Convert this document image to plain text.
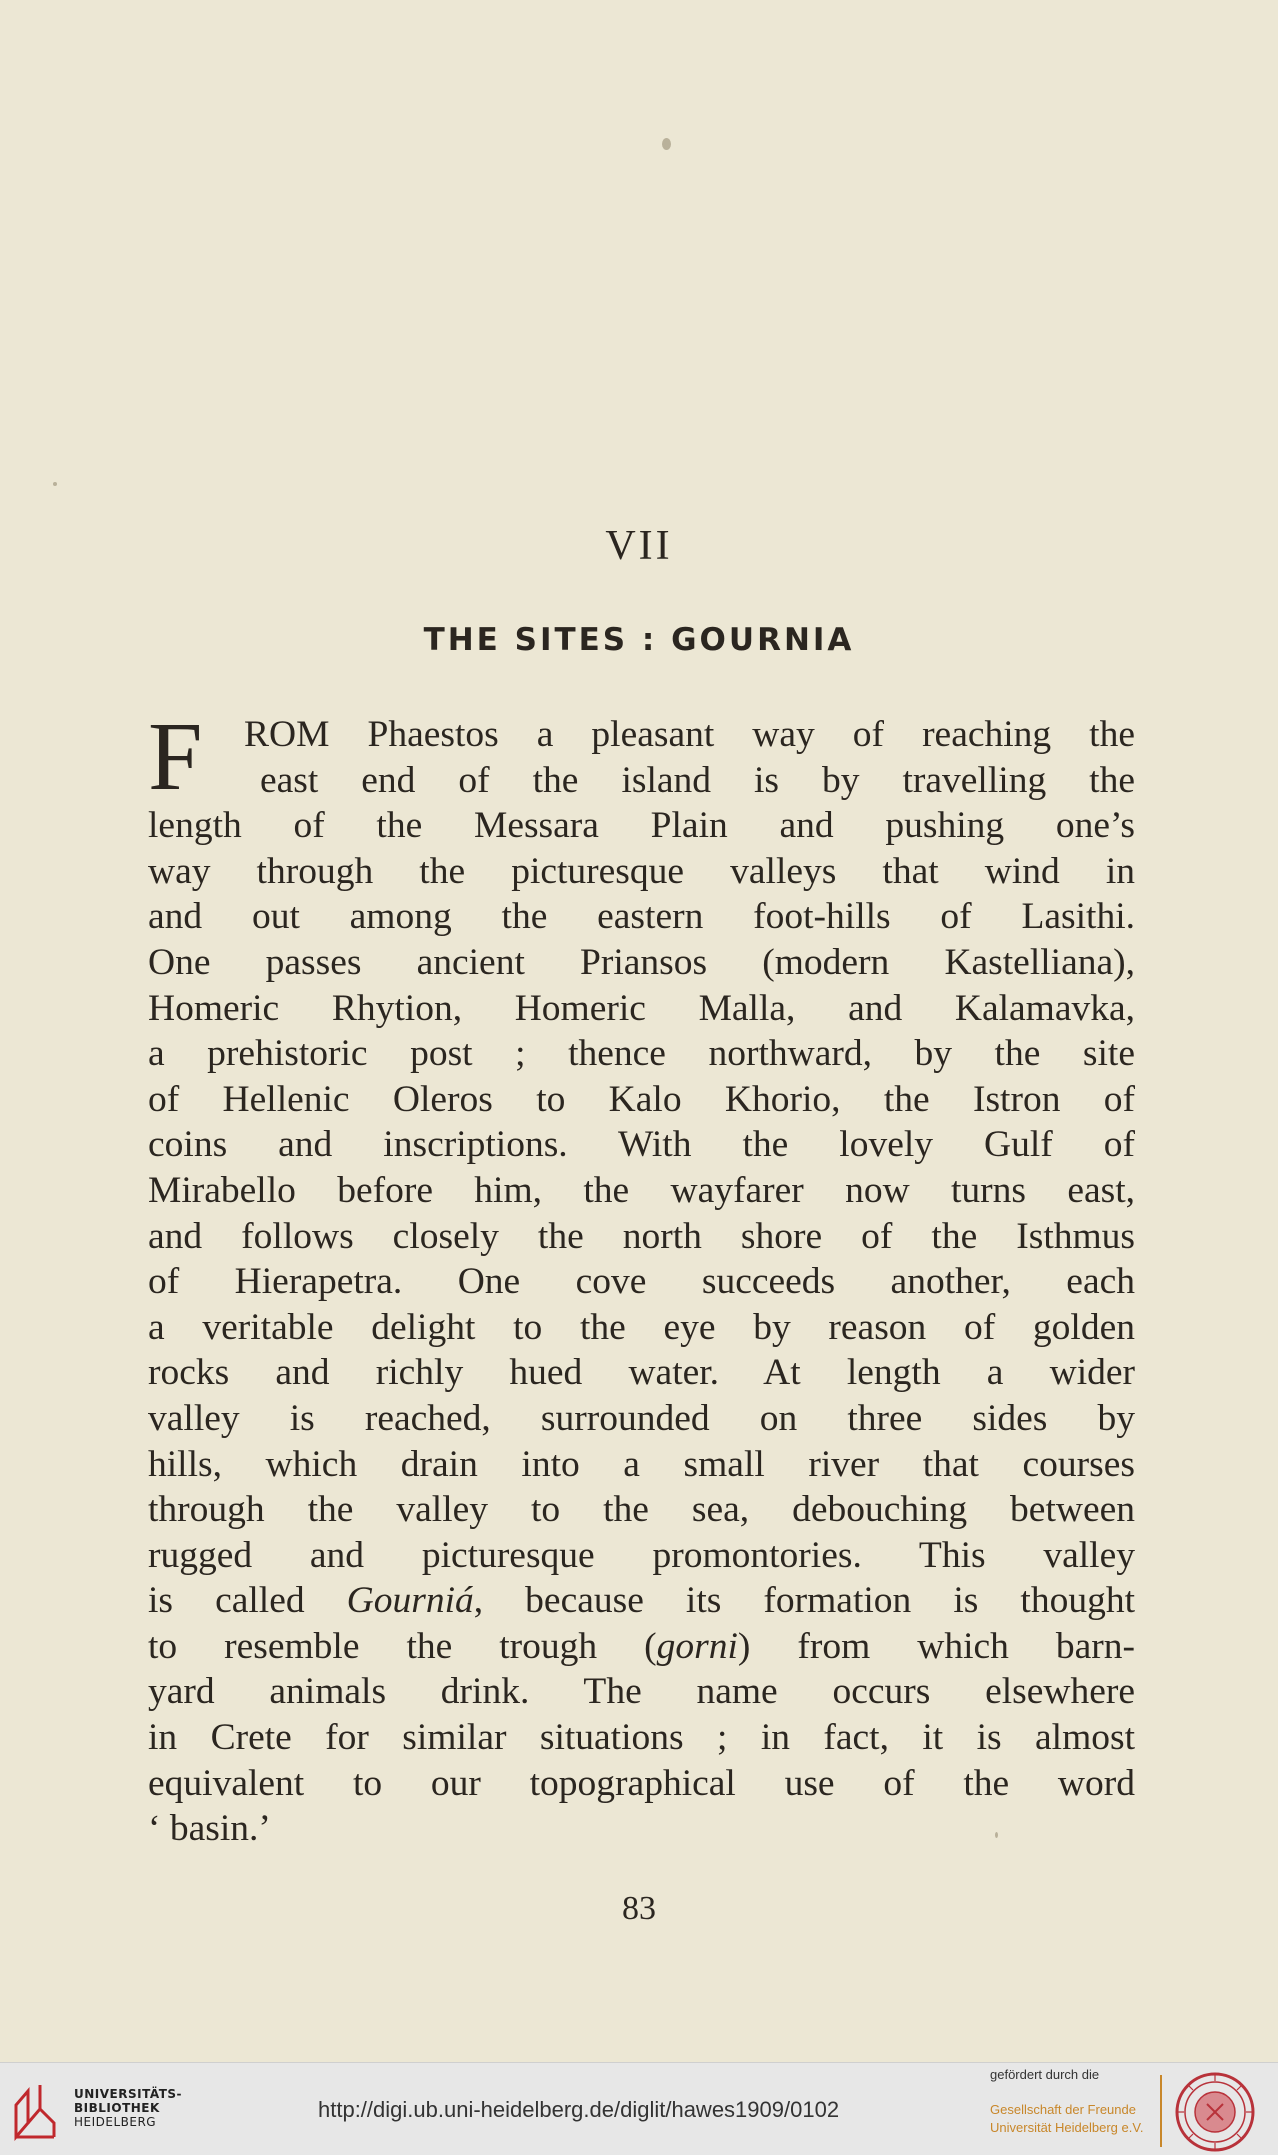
VII
THE SITES : GOURNIA
F	ROM Phaestos a pleasant way of reaching the
east end of the island is by travelling the
length of the Messara Plain and pushing one’s
way through the picturesque valleys that wind in
and out among the eastern foot-hills of Lasithi.
One passes ancient Priansos (modern Kastelliana),
Homeric Rhytion, Homeric Malla, and Kalamavka,
a prehistoric post ; thence northward, by the site
of Hellenic Oleros to Kalo Khorio, the Istron of
coins and inscriptions. With the lovely Gulf of
Mirabello before him, the wayfarer now turns east,
and follows closely the north shore of the Isthmus
of Hierapetra. One cove succeeds another, each
a veritable delight to the eye by reason of golden
rocks and richly hued water. At length a wider
valley is reached, surrounded on three sides by
hills, which drain into a small river that courses
through the valley to the sea, debouching between
rugged and picturesque promontories. This valley
is called Gourniá, because its formation is thought
to resemble the trough (gorni) from which barn-
yard animals drink. The name occurs elsewhere
in Crete for similar situations ; in fact, it is almost
equivalent to our topographical use of the word
‘ basin.’
83
UNIVERSITÄTS-
BIBLIOTHEK
HEIDELBERG	http://digi.ub.uni-heidelberg.de/diglit/hawes1909/0102
gefördert durch die
Gesellschaft der Freunde
Universität Heidelberg e.V.
